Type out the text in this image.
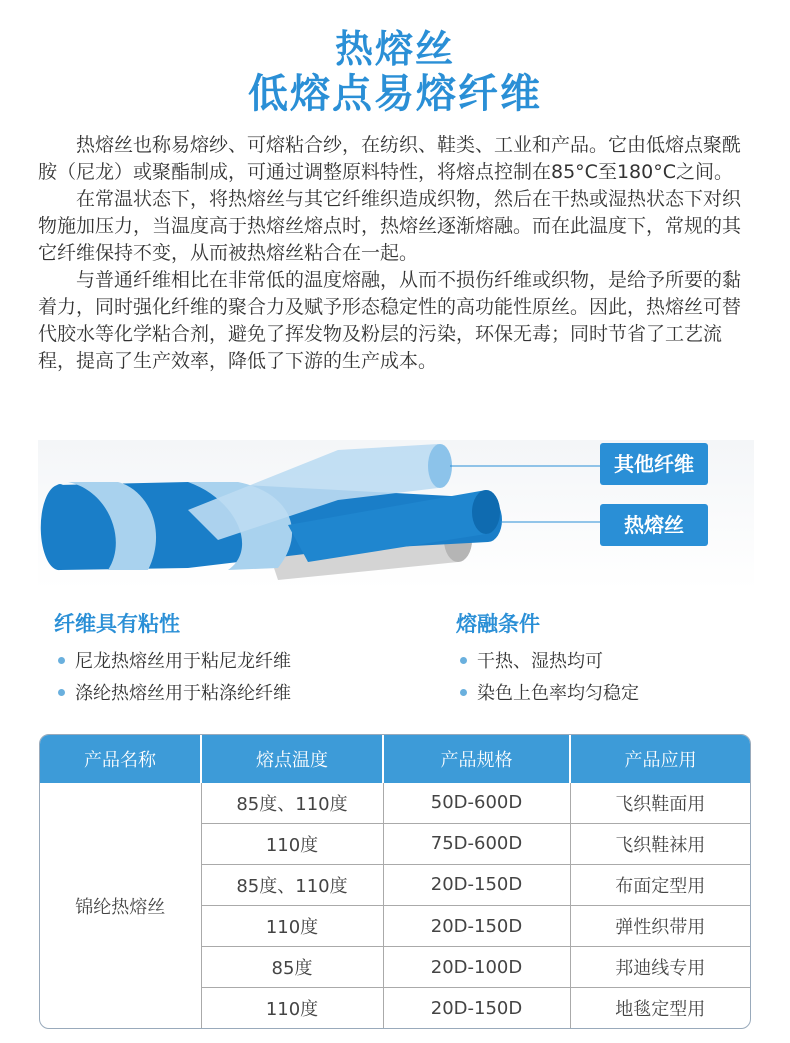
热熔丝
低熔点易熔纤维

热熔丝也称易熔纱、可熔粘合纱，在纺织、鞋类、工业和产品。它由低熔点聚酰胺（尼龙）或聚酯制成，可通过调整原料特性，将熔点控制在85°C至180°C之间。

在常温状态下，将热熔丝与其它纤维织造成织物，然后在干热或湿热状态下对织物施加压力，当温度高于热熔丝熔点时，热熔丝逐渐熔融。而在此温度下，常规的其它纤维保持不变，从而被热熔丝粘合在一起。

与普通纤维相比在非常低的温度熔融，从而不损伤纤维或织物，是给予所要的黏着力，同时强化纤维的聚合力及赋予形态稳定性的高功能性原丝。因此，热熔丝可替代胶水等化学粘合剂，避免了挥发物及粉层的污染，环保无毒；同时节省了工艺流程，提高了生产效率，降低了下游的生产成本。

其他纤维
热熔丝
纤维具有粘性
尼龙热熔丝用于粘尼龙纤维
涤纶热熔丝用于粘涤纶纤维
熔融条件
干热、湿热均可
染色上色率均匀稳定
产品名称	熔点温度	产品规格	产品应用
锦纶热熔丝	85度、110度	50D-600D	飞织鞋面用
	110度	75D-600D	飞织鞋袜用
	85度、110度	20D-150D	布面定型用
	110度	20D-150D	弹性织带用
	85度	20D-100D	邦迪线专用
	110度	20D-150D	地毯定型用
